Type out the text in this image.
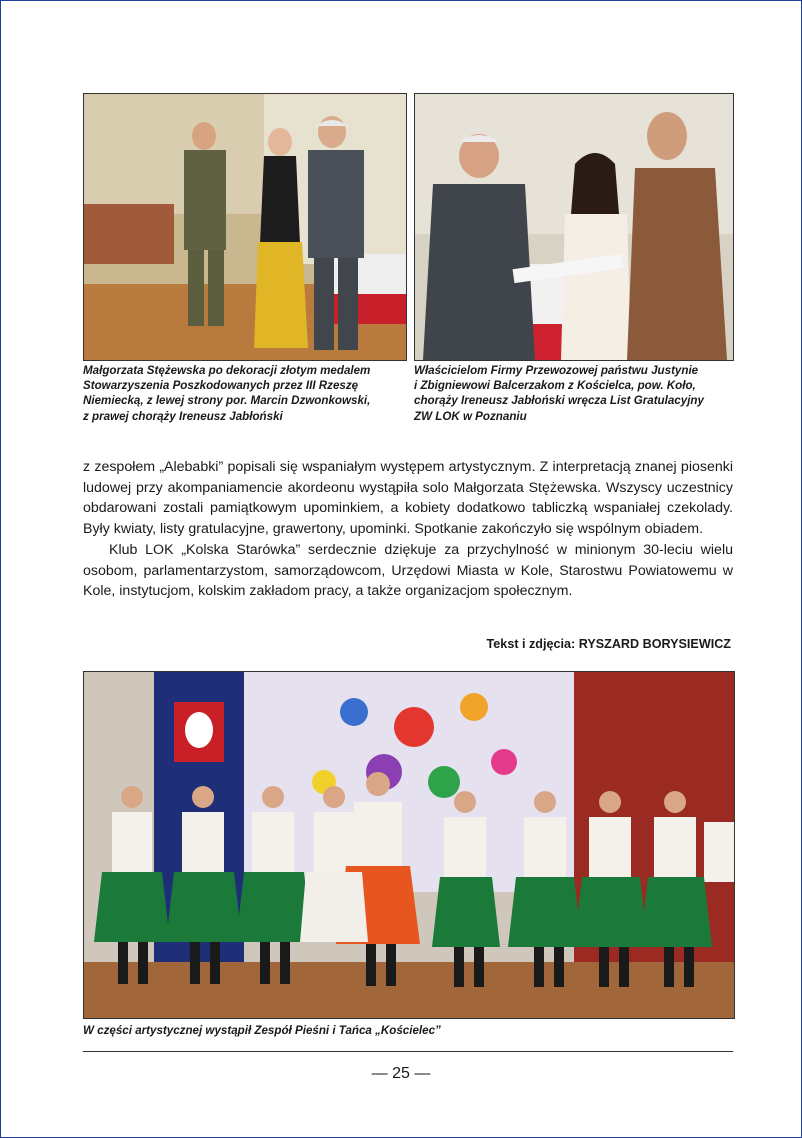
Małgorzata Stężewska po dekoracji złotym medalem
Stowarzyszenia Poszkodowanych przez III Rzeszę
Niemiecką, z lewej strony por. Marcin Dzwonkowski,
z prawej chorąży Ireneusz Jabłoński

Właścicielom Firmy Przewozowej państwu Justynie
i Zbigniewowi Balcerzakom z Kościelca, pow. Koło,
chorąży Ireneusz Jabłoński wręcza List Gratulacyjny
ZW LOK w Poznaniu

z zespołem „Alebabki” popisali się wspaniałym występem artystycznym. Z interpretacją znanej piosenki ludowej przy akompaniamencie akordeonu wystąpiła solo Małgorzata Stężewska. Wszyscy uczestnicy obdarowani zostali pamiątkowym upominkiem, a kobiety dodatkowo tabliczką wspaniałej czekolady. Były kwiaty, listy gratulacyjne, grawertony, upominki. Spotkanie zakończyło się wspólnym obiadem.

Klub LOK „Kolska Starówka” serdecznie dziękuje za przychylność w minionym 30-leciu wielu osobom, parlamentarzystom, samorządowcom, Urzędowi Miasta w Kole, Starostwu Powiatowemu w Kole, instytucjom, kolskim zakładom pracy, a także organizacjom społecznym.

Tekst i zdjęcia: RYSZARD BORYSIEWICZ

W części artystycznej wystąpił Zespół Pieśni i Tańca „Kościelec”

— 25 —
